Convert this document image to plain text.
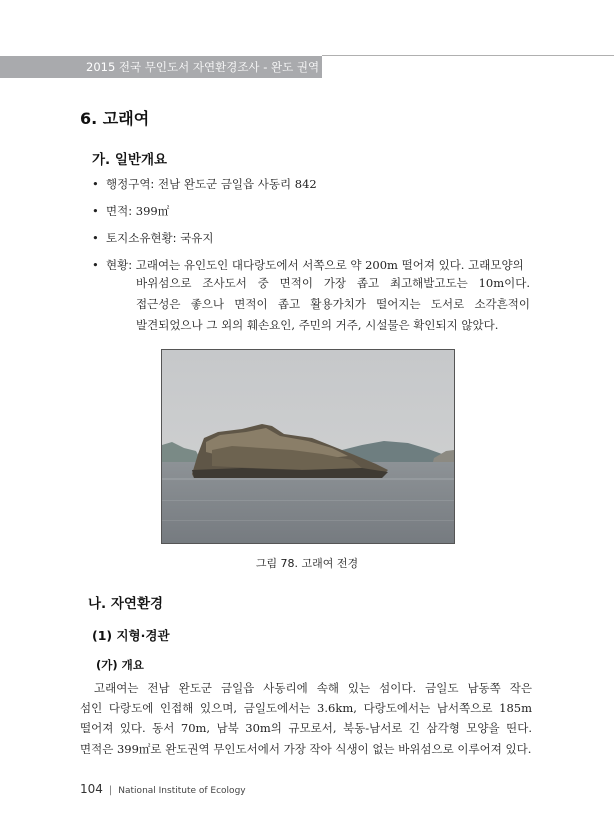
2015 전국 무인도서 자연환경조사 - 완도 권역
6. 고래여
가. 일반개요
• 행정구역: 전남 완도군 금일읍 사동리 842
• 면적: 399㎡
• 토지소유현황: 국유지
• 현황: 고래여는 유인도인 대다랑도에서 서쪽으로 약 200m 떨어져 있다. 고래모양의
바위섬으로 조사도서 중 면적이 가장 좁고 최고해발고도는 10m이다.
접근성은 좋으나 면적이 좁고 활용가치가 떨어지는 도서로 소각흔적이
발견되었으나 그 외의 훼손요인, 주민의 거주, 시설물은 확인되지 않았다.
그림 78. 고래여 전경
나. 자연환경
(1) 지형·경관
(가) 개요
고래여는 전남 완도군 금일읍 사동리에 속해 있는 섬이다. 금일도 남동쪽 작은
섬인 다랑도에 인접해 있으며, 금일도에서는 3.6km, 다랑도에서는 남서쪽으로 185m
떨어져 있다. 동서 70m, 남북 30m의 규모로서, 북동-남서로 긴 삼각형 모양을 띤다.
면적은 399㎡로 완도권역 무인도서에서 가장 작아 식생이 없는 바위섬으로 이루어져 있다.
104 | National Institute of Ecology
